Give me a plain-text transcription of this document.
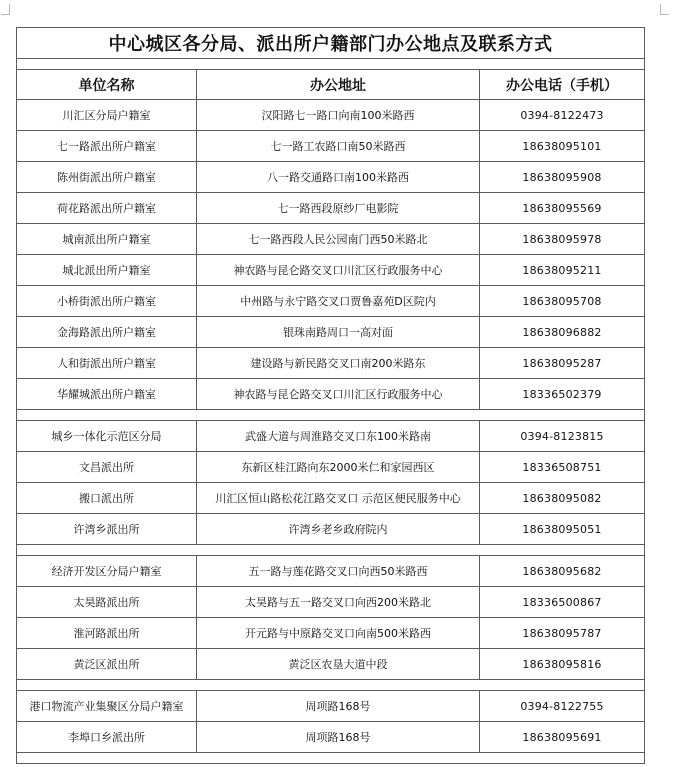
中心城区各分局、派出所户籍部门办公地点及联系方式		

单位名称	办公地址	办公电话（手机）
川汇区分局户籍室	汉阳路七一路口向南100米路西	0394-8122473
七一路派出所户籍室	七一路工农路口南50米路西	18638095101
陈州街派出所户籍室	八一路交通路口南100米路西	18638095908
荷花路派出所户籍室	七一路西段原纱厂电影院	18638095569
城南派出所户籍室	七一路西段人民公园南门西50米路北	18638095978
城北派出所户籍室	神农路与昆仑路交叉口川汇区行政服务中心	18638095211
小桥街派出所户籍室	中州路与永宁路交叉口贾鲁嘉苑D区院内	18638095708
金海路派出所户籍室	银珠南路周口一高对面	18638096882
人和街派出所户籍室	建设路与新民路交叉口南200米路东	18638095287
华耀城派出所户籍室	神农路与昆仑路交叉口川汇区行政服务中心	18336502379

城乡一体化示范区分局	武盛大道与周淮路交叉口东100米路南	0394-8123815
文昌派出所	东新区桂江路向东2000米仁和家园西区	18336508751
搬口派出所	川汇区恒山路松花江路交叉口 示范区便民服务中心	18638095082
许湾乡派出所	许湾乡老乡政府院内	18638095051

经济开发区分局户籍室	五一路与莲花路交叉口向西50米路西	18638095682
太昊路派出所	太昊路与五一路交叉口向西200米路北	18336500867
淮河路派出所	开元路与中原路交叉口向南500米路西	18638095787
黄泛区派出所	黄泛区农垦大道中段	18638095816

港口物流产业集聚区分局户籍室	周项路168号	0394-8122755
李埠口乡派出所	周项路168号	18638095691
